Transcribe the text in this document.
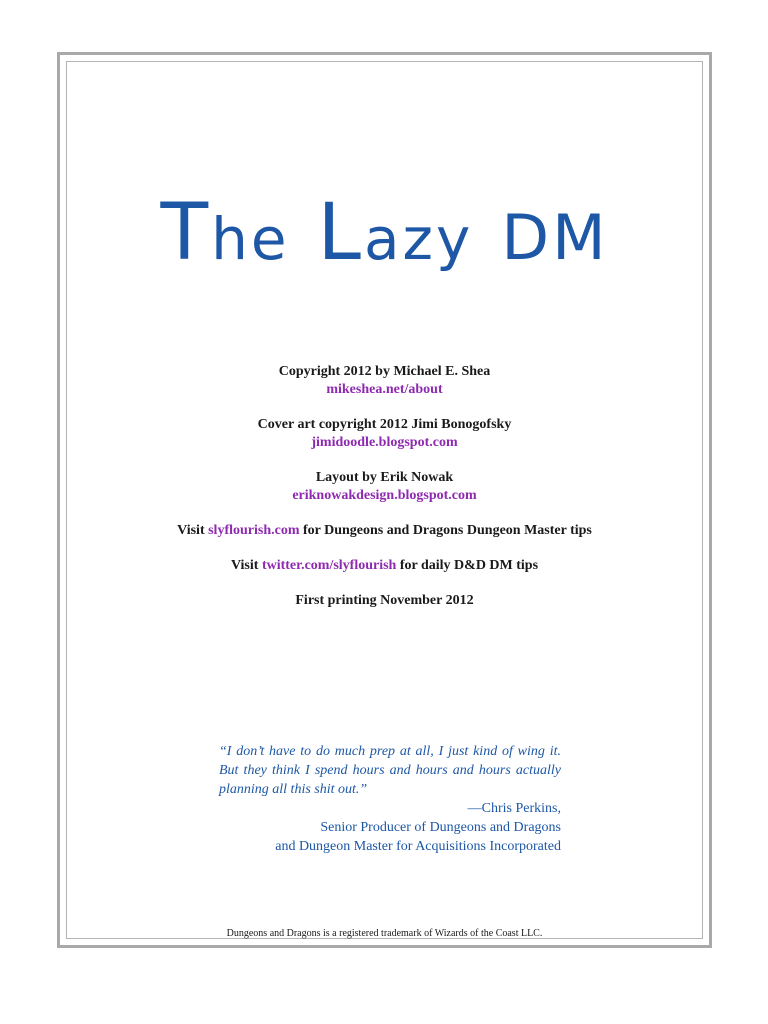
The Lazy DM
Copyright 2012 by Michael E. Shea
mikeshea.net/about
Cover art copyright 2012 Jimi Bonogofsky
jimidoodle.blogspot.com
Layout by Erik Nowak
eriknowakdesign.blogspot.com
Visit slyflourish.com for Dungeons and Dragons Dungeon Master tips
Visit twitter.com/slyflourish for daily D&D DM tips
First printing November 2012
“I don’t have to do much prep at all, I just kind of wing it. But they think I spend hours and hours and hours actually planning all this shit out.”
—Chris Perkins,
Senior Producer of Dungeons and Dragons
and Dungeon Master for Acquisitions Incorporated
Dungeons and Dragons is a registered trademark of Wizards of the Coast LLC.
